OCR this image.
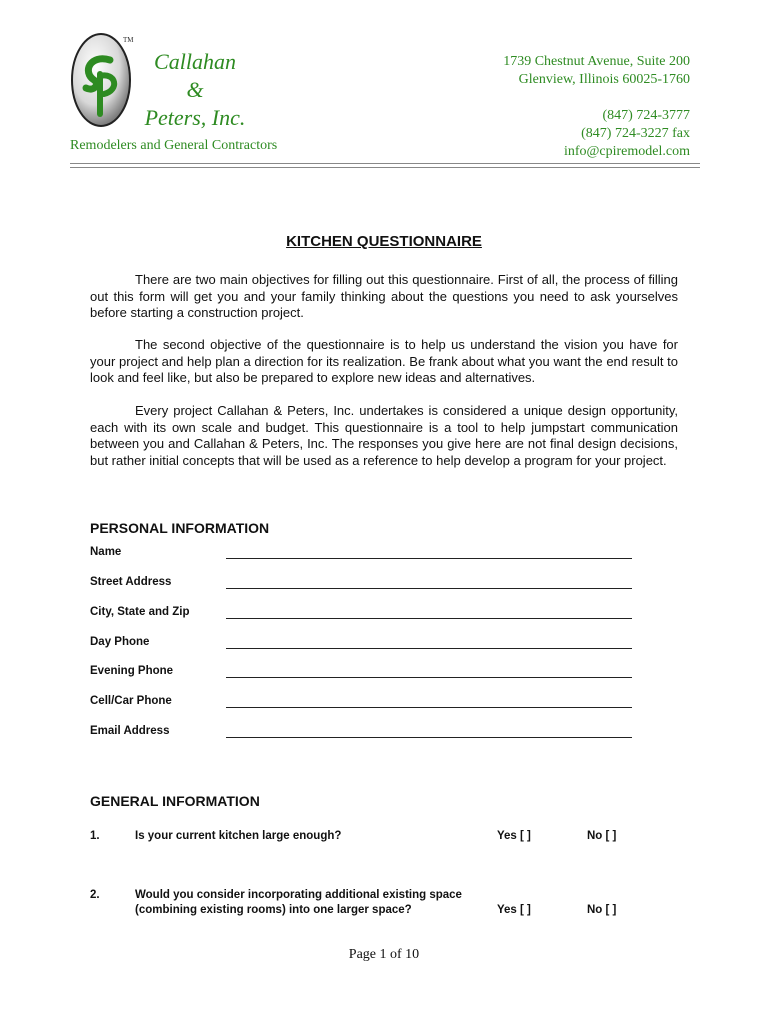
TM
Callahan
&
Peters, Inc.
Remodelers and General Contractors
1739 Chestnut Avenue, Suite 200
Glenview, Illinois 60025-1760
(847) 724-3777
(847) 724-3227 fax
info@cpiremodel.com
KITCHEN QUESTIONNAIRE

There are two main objectives for filling out this questionnaire. First of all, the process of filling out this form will get you and your family thinking about the questions you need to ask yourselves before starting a construction project.

The second objective of the questionnaire is to help us understand the vision you have for your project and help plan a direction for its realization. Be frank about what you want the end result to look and feel like, but also be prepared to explore new ideas and alternatives.

Every project Callahan & Peters, Inc. undertakes is considered a unique design opportunity, each with its own scale and budget. This questionnaire is a tool to help jumpstart communication between you and Callahan & Peters, Inc. The responses you give here are not final design decisions, but rather initial concepts that will be used as a reference to help develop a program for your project.

PERSONAL INFORMATION
Name
Street Address
City, State and Zip
Day Phone
Evening Phone
Cell/Car Phone
Email Address
GENERAL INFORMATION
1.	Is your current kitchen large enough?	Yes [ ]	No [ ]
2.	Would you consider incorporating additional existing space (combining existing rooms) into one larger space?	Yes [ ]	No [ ]
Page 1 of 10
